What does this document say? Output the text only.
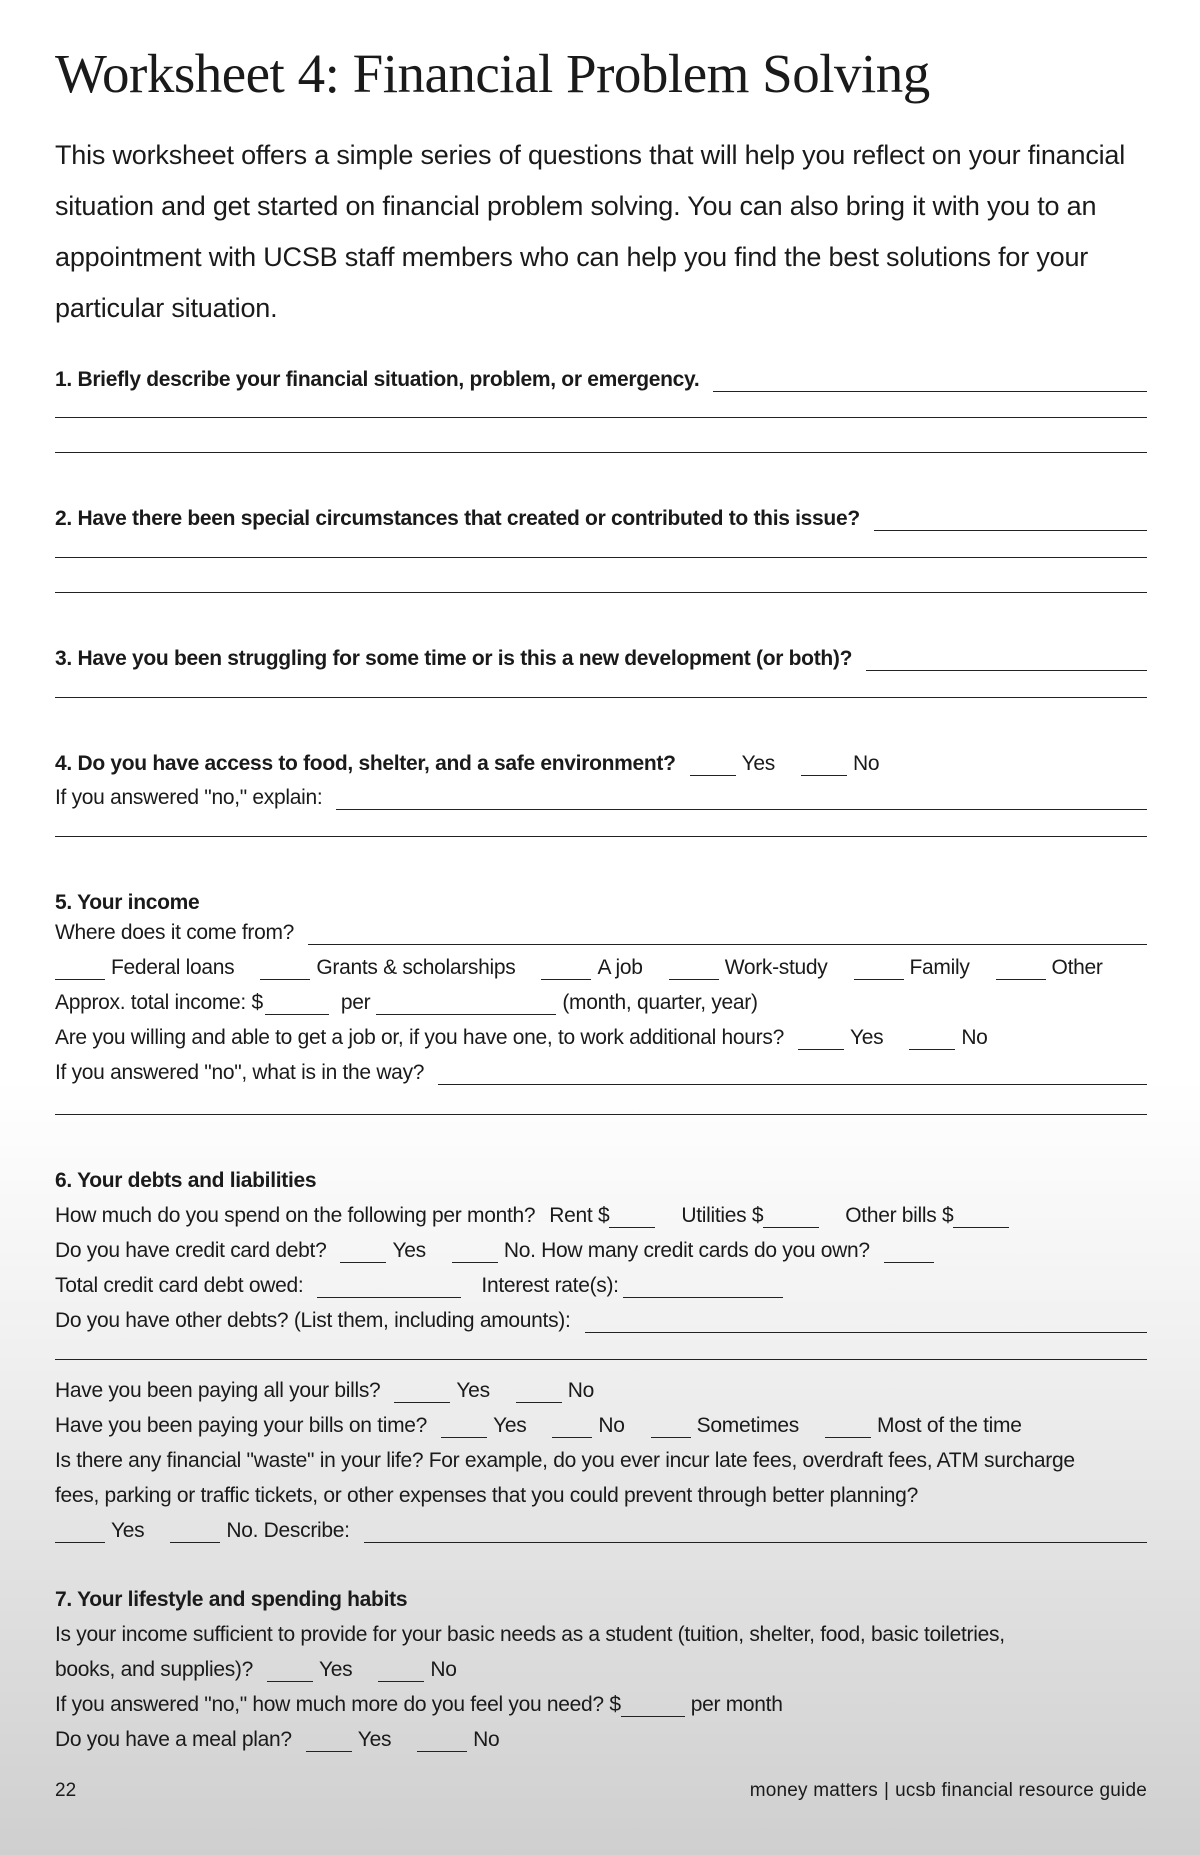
Worksheet 4: Financial Problem Solving
This worksheet offers a simple series of questions that will help you reflect on your financial situation and get started on financial problem solving. You can also bring it with you to an appointment with UCSB staff members who can help you find the best solutions for your particular situation.
1. Briefly describe your financial situation, problem, or emergency.
2. Have there been special circumstances that created or contributed to this issue?
3. Have you been struggling for some time or is this a new development (or both)?
4. Do you have access to food, shelter, and a safe environment?	Yes	No
If you answered "no," explain:
5. Your income
Where does it come from?
Federal loans	Grants & scholarships	A job	Work-study	Family	Other
Approx. total income: $	per	(month, quarter, year)
Are you willing and able to get a job or, if you have one, to work additional hours?	Yes	No
If you answered "no", what is in the way?
6. Your debts and liabilities
How much do you spend on the following per month? Rent $	Utilities $	Other bills $
Do you have credit card debt?	Yes	No. How many credit cards do you own?
Total credit card debt owed:	Interest rate(s):
Do you have other debts? (List them, including amounts):
Have you been paying all your bills?	Yes	No
Have you been paying your bills on time?	Yes	No	Sometimes	Most of the time
Is there any financial "waste" in your life? For example, do you ever incur late fees, overdraft fees, ATM surcharge
fees, parking or traffic tickets, or other expenses that you could prevent through better planning?
Yes	No. Describe:
7. Your lifestyle and spending habits
Is your income sufficient to provide for your basic needs as a student (tuition, shelter, food, basic toiletries,
books, and supplies)?	Yes	No
If you answered "no," how much more do you feel you need? $	per month
Do you have a meal plan?	Yes	No
22	money matters | ucsb financial resource guide
